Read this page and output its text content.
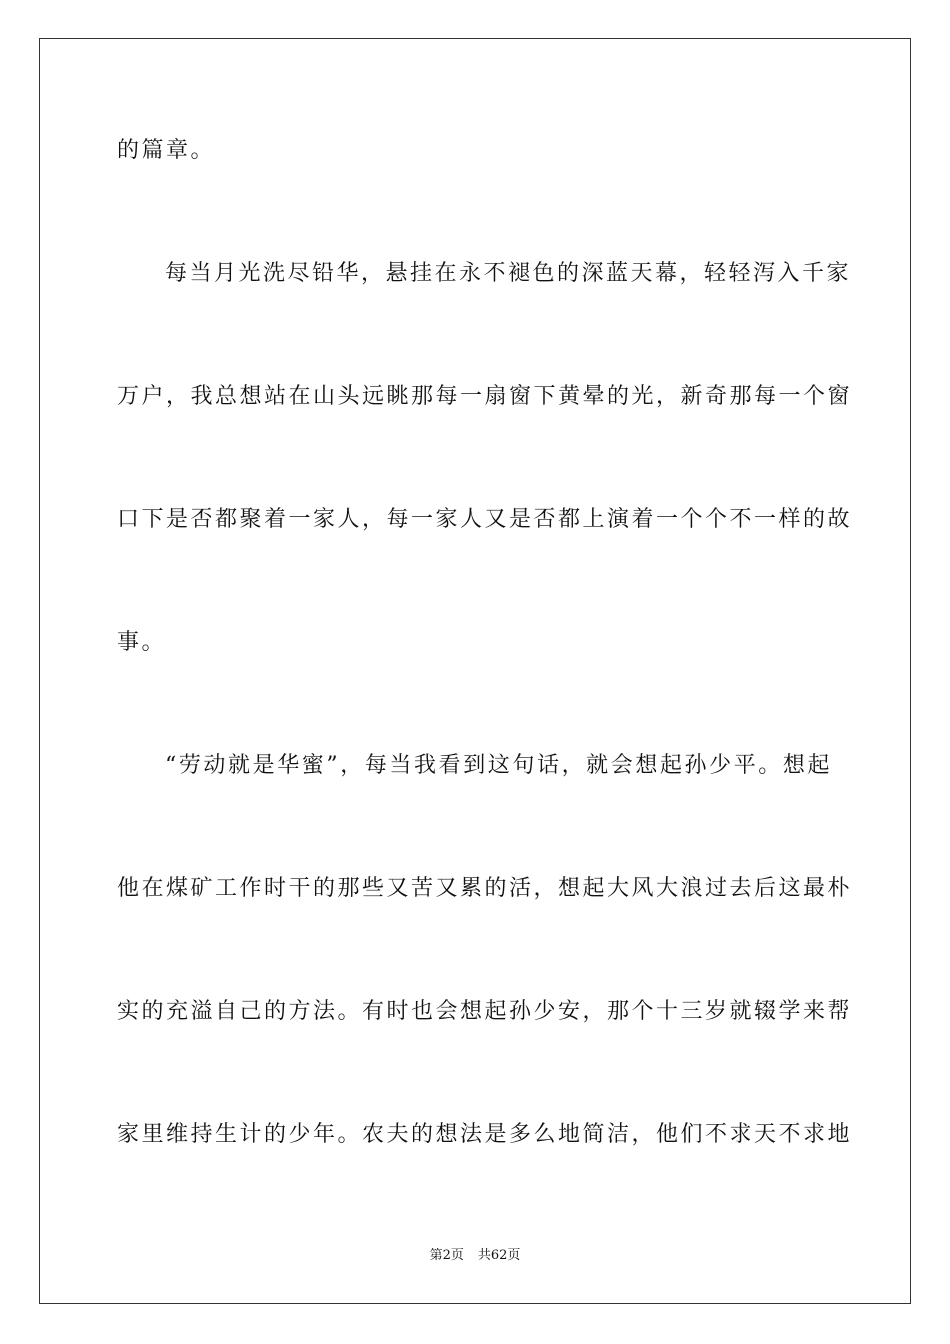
的篇章。
每当月光洗尽铅华，悬挂在永不褪色的深蓝天幕，轻轻泻入千家
万户，我总想站在山头远眺那每一扇窗下黄晕的光，新奇那每一个窗
口下是否都聚着一家人，每一家人又是否都上演着一个个不一样的故
事。
“劳动就是华蜜”，每当我看到这句话，就会想起孙少平。想起
他在煤矿工作时干的那些又苦又累的活，想起大风大浪过去后这最朴
实的充溢自己的方法。有时也会想起孙少安，那个十三岁就辍学来帮
家里维持生计的少年。农夫的想法是多么地简洁，他们不求天不求地
第2页 共62页
